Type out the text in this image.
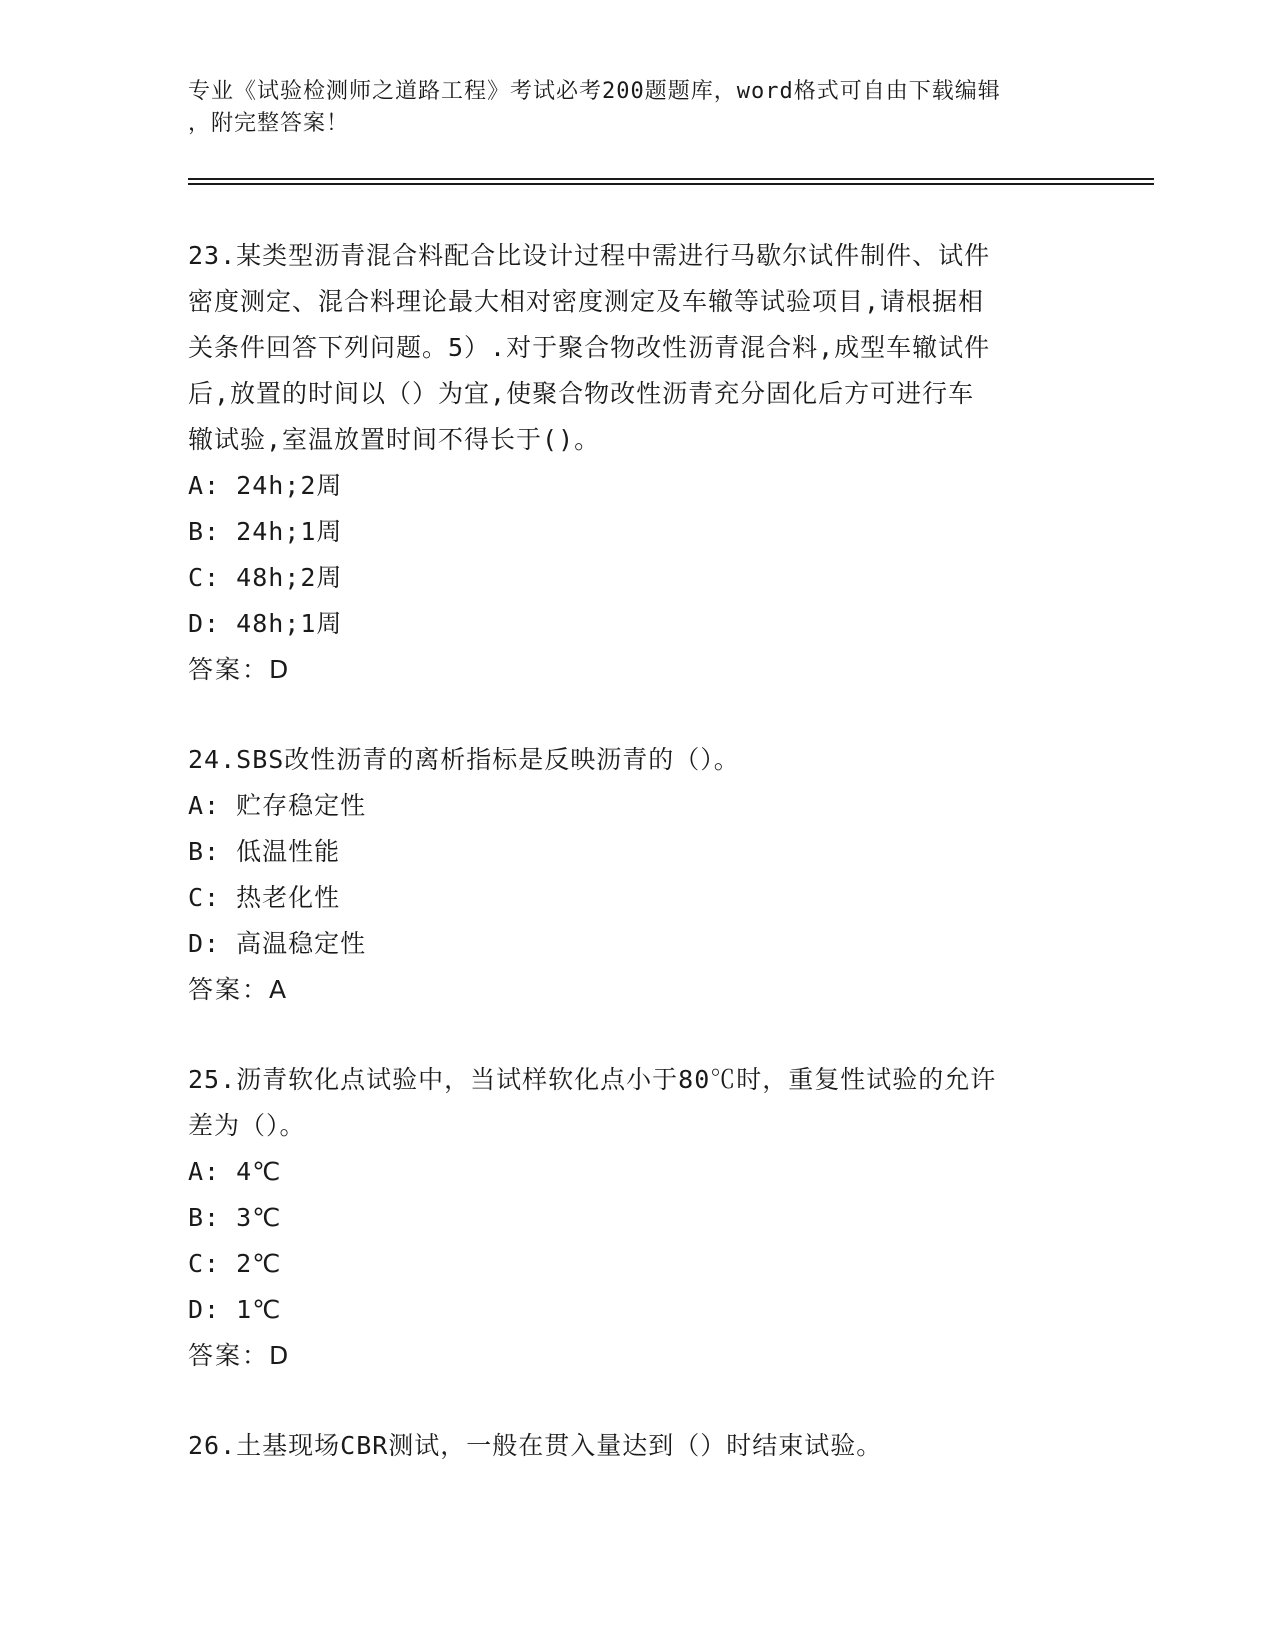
专业《试验检测师之道路工程》考试必考200题题库，word格式可自由下载编辑
，附完整答案！
23.某类型沥青混合料配合比设计过程中需进行马歇尔试件制件、试件
密度测定、混合料理论最大相对密度测定及车辙等试验项目,请根据相
关条件回答下列问题。5）.对于聚合物改性沥青混合料,成型车辙试件
后,放置的时间以（）为宜,使聚合物改性沥青充分固化后方可进行车
辙试验,室温放置时间不得长于()。
A: 24h;2周
B: 24h;1周
C: 48h;2周
D: 48h;1周
答案：D
24.SBS改性沥青的离析指标是反映沥青的（）。
A: 贮存稳定性
B: 低温性能
C: 热老化性
D: 高温稳定性
答案：A
25.沥青软化点试验中，当试样软化点小于80℃时，重复性试验的允许
差为（）。
A: 4℃
B: 3℃
C: 2℃
D: 1℃
答案：D
26.土基现场CBR测试，一般在贯入量达到（）时结束试验。
